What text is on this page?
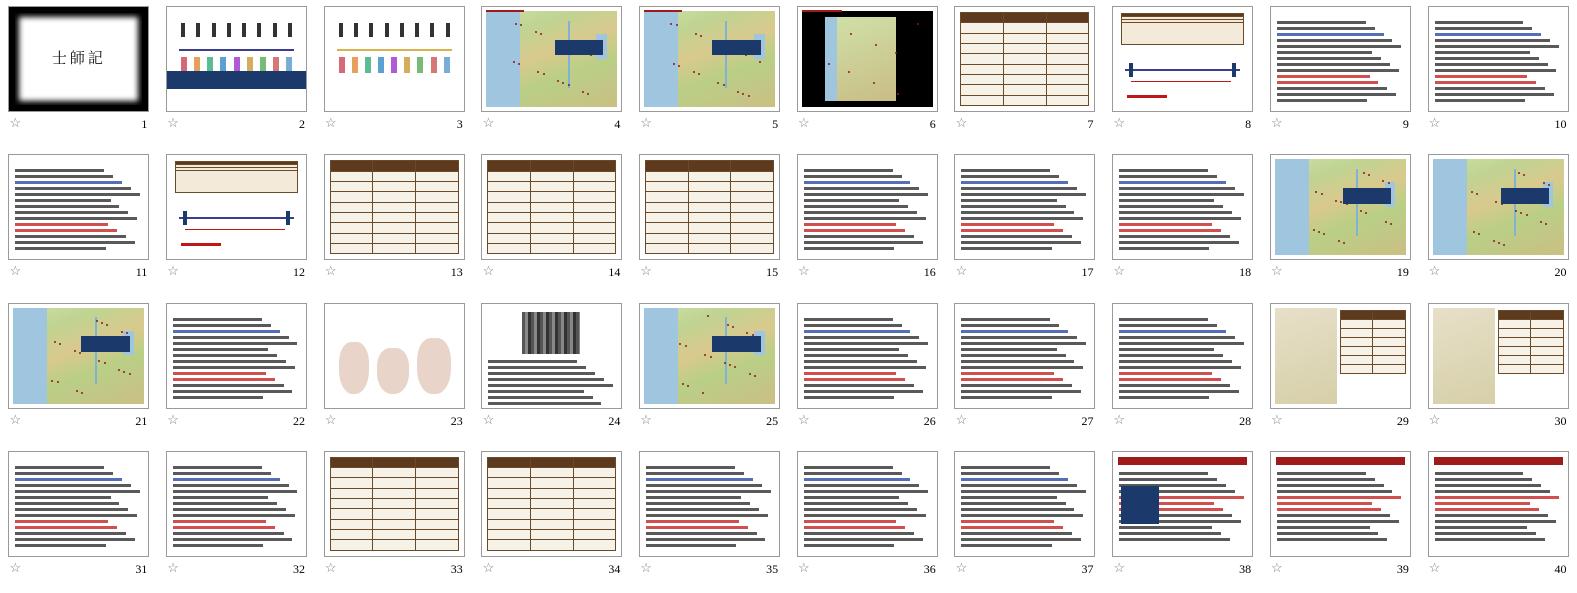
士師記
☆	1 ☆	2 ☆	3 ☆	4 ☆	5 ☆	6 ☆	7 ☆	8 ☆	9 ☆	10
☆	11 ☆	12 ☆	13 ☆	14 ☆	15 ☆	16 ☆	17 ☆	18 ☆	19 ☆	20
☆	21 ☆	22 ☆	23 ☆	24 ☆	25 ☆	26 ☆	27 ☆	28 ☆	29 ☆	30
☆	31 ☆	32 ☆	33 ☆	34 ☆	35 ☆	36 ☆	37 ☆	38 ☆	39 ☆	40
